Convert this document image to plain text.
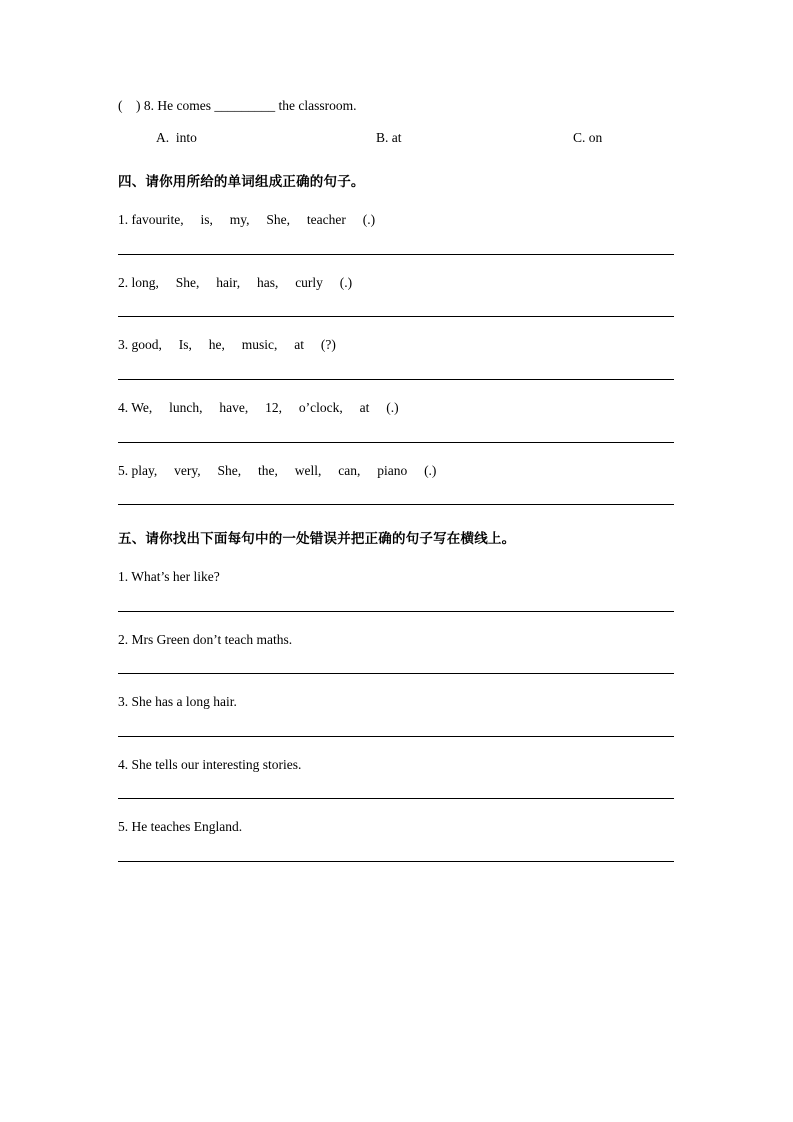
(    ) 8. He comes _________ the classroom.
A.  into	B. at	C. on
四、请你用所给的单词组成正确的句子。
1. favourite,     is,     my,     She,     teacher     (.)
2. long,     She,     hair,     has,     curly     (.)
3. good,     Is,     he,     music,     at     (?)
4. We,     lunch,     have,     12,     o’clock,     at     (.)
5. play,     very,     She,     the,     well,     can,     piano     (.)
五、请你找出下面每句中的一处错误并把正确的句子写在横线上。
1. What’s her like?
2. Mrs Green don’t teach maths.
3. She has a long hair.
4. She tells our interesting stories.
5. He teaches England.
